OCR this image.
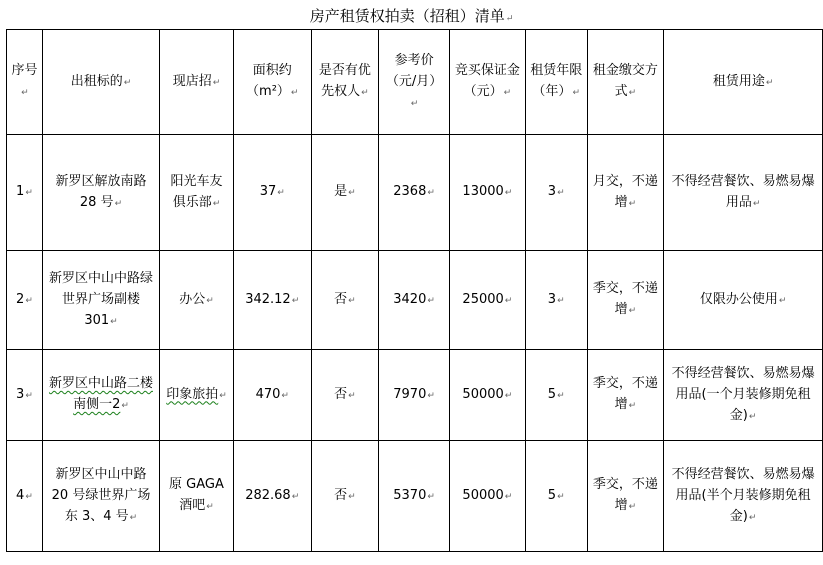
房产租赁权拍卖（招租）清单↵
序号↵	出租标的↵	现店招↵	面积约（m²）↵	是否有优先权人↵	参考价（元/月）↵	竞买保证金（元）↵	租赁年限（年）↵	租金缴交方式↵	租赁用途↵
1↵	新罗区解放南路 28 号↵	阳光车友俱乐部↵	37↵	是↵	2368↵	13000↵	3↵	月交，不递增↵	不得经营餐饮、易燃易爆用品↵
2↵	新罗区中山中路绿世界广场副楼 301↵	办公↵	342.12↵	否↵	3420↵	25000↵	3↵	季交，不递增↵	仅限办公使用↵
3↵	新罗区中山路二楼南侧一2↵	印象旅拍↵	470↵	否↵	7970↵	50000↵	5↵	季交，不递增↵	不得经营餐饮、易燃易爆用品(一个月装修期免租金)↵
4↵	新罗区中山中路 20 号绿世界广场东 3、4 号↵	原 GAGA 酒吧↵	282.68↵	否↵	5370↵	50000↵	5↵	季交，不递增↵	不得经营餐饮、易燃易爆用品(半个月装修期免租金)↵
